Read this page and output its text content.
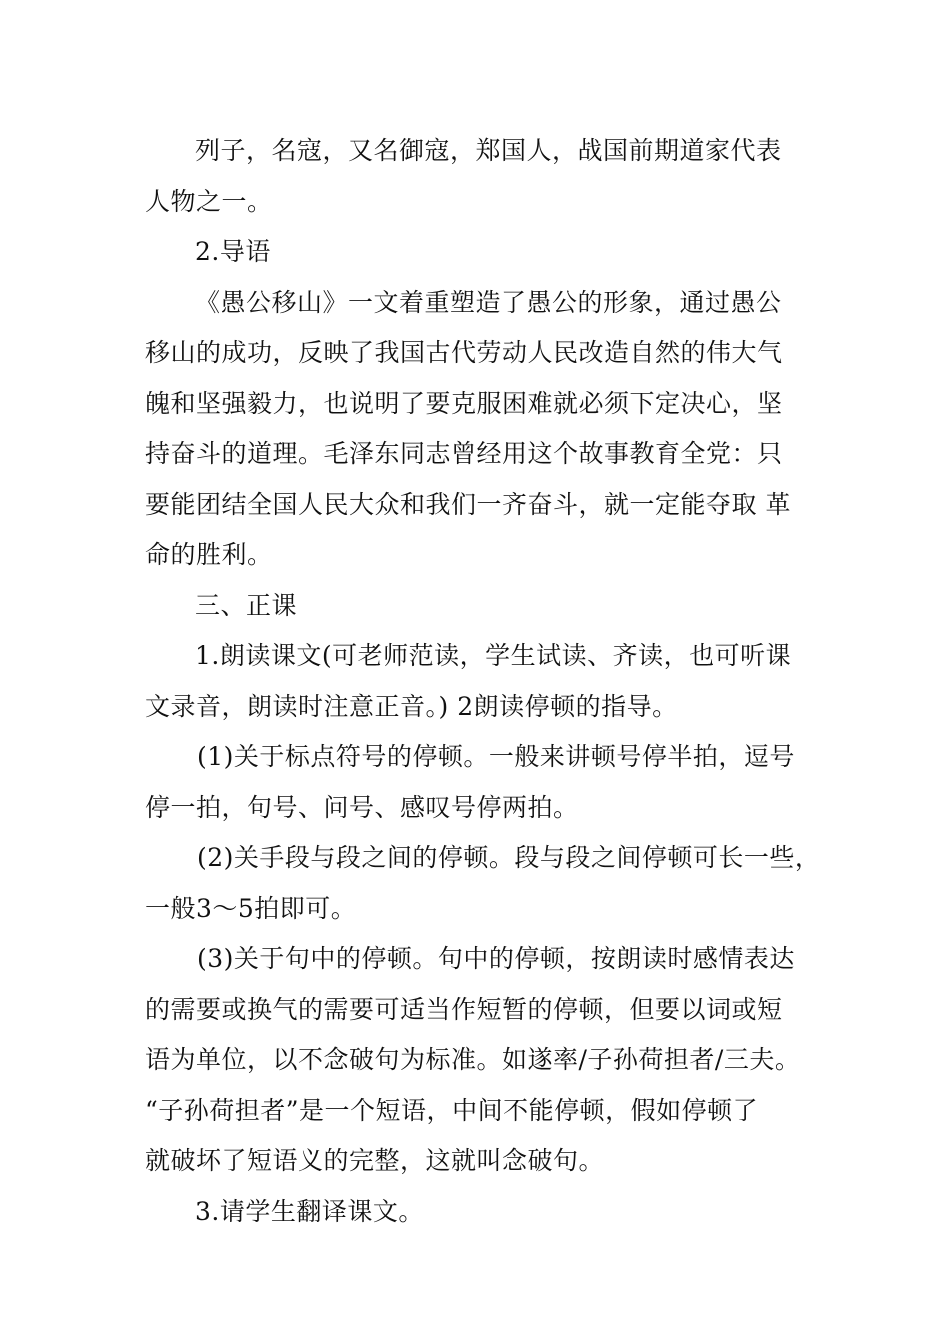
列子，名寇，又名御寇，郑国人，战国前期道家代表
人物之一。
2.导语
《愚公移山》一文着重塑造了愚公的形象，通过愚公
移山的成功，反映了我国古代劳动人民改造自然的伟大气
魄和坚强毅力，也说明了要克服困难就必须下定决心，坚
持奋斗的道理。毛泽东同志曾经用这个故事教育全党：只
要能团结全国人民大众和我们一齐奋斗，就一定能夺取 革
命的胜利。
三、正课
1.朗读课文(可老师范读，学生试读、齐读，也可听课
文录音，朗读时注意正音。) 2朗读停顿的指导。
(1)关于标点符号的停顿。一般来讲顿号停半拍，逗号
停一拍，句号、问号、感叹号停两拍。
(2)关手段与段之间的停顿。段与段之间停顿可长一些，
一般3～5拍即可。
(3)关于句中的停顿。句中的停顿，按朗读时感情表达
的需要或换气的需要可适当作短暂的停顿，但要以词或短
语为单位，以不念破句为标准。如遂率/子孙荷担者/三夫。
“子孙荷担者”是一个短语，中间不能停顿，假如停顿了
就破坏了短语义的完整，这就叫念破句。
3.请学生翻译课文。
